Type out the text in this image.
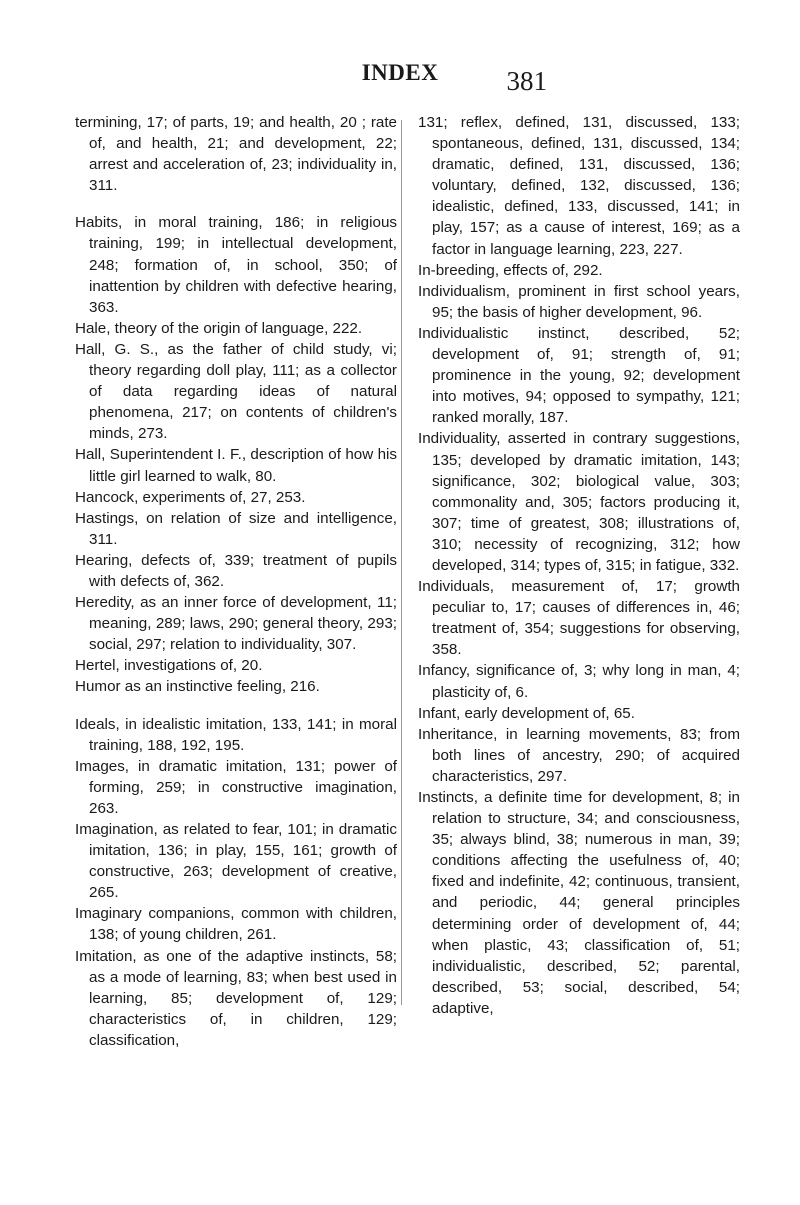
INDEX	381

termining, 17; of parts, 19; and health, 20 ; rate of, and health, 21; and development, 22; arrest and acceleration of, 23; individuality in, 311.

Habits, in moral training, 186; in religious training, 199; in intellectual development, 248; formation of, in school, 350; of inattention by children with defective hearing, 363.

Hale, theory of the origin of language, 222.

Hall, G. S., as the father of child study, vi; theory regarding doll play, 111; as a collector of data regarding ideas of natural phenomena, 217; on contents of children's minds, 273.

Hall, Superintendent I. F., description of how his little girl learned to walk, 80.

Hancock, experiments of, 27, 253.

Hastings, on relation of size and intelligence, 311.

Hearing, defects of, 339; treatment of pupils with defects of, 362.

Heredity, as an inner force of development, 11; meaning, 289; laws, 290; general theory, 293; social, 297; relation to individuality, 307.

Hertel, investigations of, 20.

Humor as an instinctive feeling, 216.

Ideals, in idealistic imitation, 133, 141; in moral training, 188, 192, 195.

Images, in dramatic imitation, 131; power of forming, 259; in constructive imagination, 263.

Imagination, as related to fear, 101; in dramatic imitation, 136; in play, 155, 161; growth of constructive, 263; development of creative, 265.

Imaginary companions, common with children, 138; of young children, 261.

Imitation, as one of the adaptive instincts, 58; as a mode of learning, 83; when best used in learning, 85; development of, 129; characteristics of, in children, 129; classification,

131; reflex, defined, 131, discussed, 133; spontaneous, defined, 131, discussed, 134; dramatic, defined, 131, discussed, 136; voluntary, defined, 132, discussed, 136; idealistic, defined, 133, discussed, 141; in play, 157; as a cause of interest, 169; as a factor in language learning, 223, 227.

In-breeding, effects of, 292.

Individualism, prominent in first school years, 95; the basis of higher development, 96.

Individualistic instinct, described, 52; development of, 91; strength of, 91; prominence in the young, 92; development into motives, 94; opposed to sympathy, 121; ranked morally, 187.

Individuality, asserted in contrary suggestions, 135; developed by dramatic imitation, 143; significance, 302; biological value, 303; commonality and, 305; factors producing it, 307; time of greatest, 308; illustrations of, 310; necessity of recognizing, 312; how developed, 314; types of, 315; in fatigue, 332.

Individuals, measurement of, 17; growth peculiar to, 17; causes of differences in, 46; treatment of, 354; suggestions for observing, 358.

Infancy, significance of, 3; why long in man, 4; plasticity of, 6.

Infant, early development of, 65.

Inheritance, in learning movements, 83; from both lines of ancestry, 290; of acquired characteristics, 297.

Instincts, a definite time for development, 8; in relation to structure, 34; and consciousness, 35; always blind, 38; numerous in man, 39; conditions affecting the usefulness of, 40; fixed and indefinite, 42; continuous, transient, and periodic, 44; general principles determining order of development of, 44; when plastic, 43; classification of, 51; individualistic, described, 52; parental, described, 53; social, described, 54; adaptive,
